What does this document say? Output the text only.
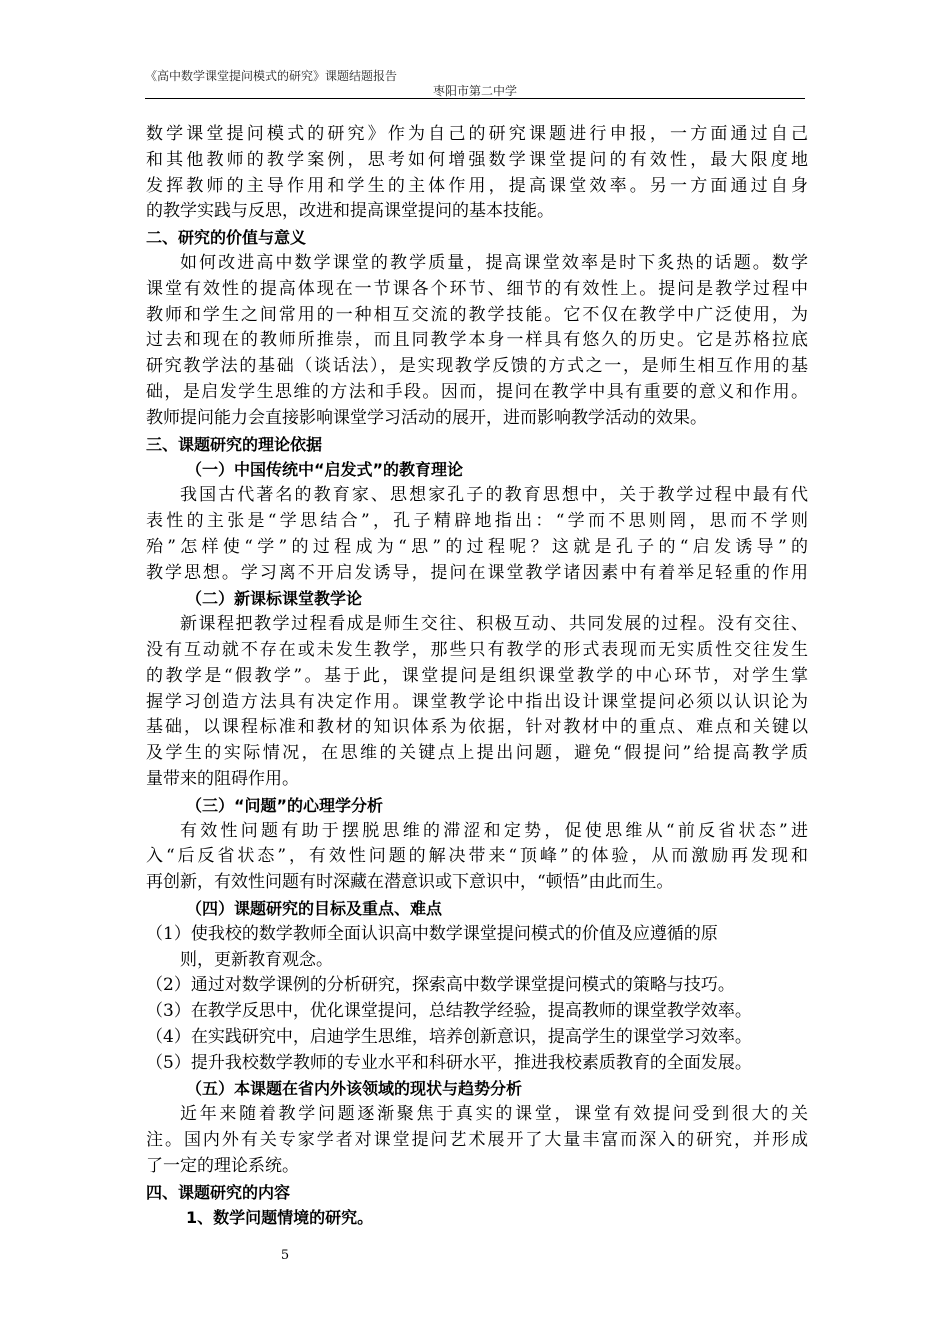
《高中数学课堂提问模式的研究》课题结题报告
枣阳市第二中学
数学课堂提问模式的研究》作为自己的研究课题进行申报，一方面通过自己
和其他教师的教学案例，思考如何增强数学课堂提问的有效性，最大限度地
发挥教师的主导作用和学生的主体作用，提高课堂效率。另一方面通过自身
的教学实践与反思，改进和提高课堂提问的基本技能。
二、研究的价值与意义
如何改进高中数学课堂的教学质量，提高课堂效率是时下炙热的话题。数学
课堂有效性的提高体现在一节课各个环节、细节的有效性上。提问是教学过程中
教师和学生之间常用的一种相互交流的教学技能。它不仅在教学中广泛使用，为
过去和现在的教师所推崇，而且同教学本身一样具有悠久的历史。它是苏格拉底
研究教学法的基础（谈话法），是实现教学反馈的方式之一，是师生相互作用的基
础，是启发学生思维的方法和手段。因而，提问在教学中具有重要的意义和作用。
教师提问能力会直接影响课堂学习活动的展开，进而影响教学活动的效果。
三、课题研究的理论依据
（一）中国传统中“启发式”的教育理论
我国古代著名的教育家、思想家孔子的教育思想中，关于教学过程中最有代
表性的主张是“学思结合”，孔子精辟地指出：“学而不思则罔，思而不学则
殆”怎样使“学”的过程成为“思”的过程呢？这就是孔子的“启发诱导”的
教学思想。学习离不开启发诱导，提问在课堂教学诸因素中有着举足轻重的作用
（二）新课标课堂教学论
新课程把教学过程看成是师生交往、积极互动、共同发展的过程。没有交往、
没有互动就不存在或未发生教学，那些只有教学的形式表现而无实质性交往发生
的教学是“假教学”。基于此，课堂提问是组织课堂教学的中心环节，对学生掌
握学习创造方法具有决定作用。课堂教学论中指出设计课堂提问必须以认识论为
基础，以课程标准和教材的知识体系为依据，针对教材中的重点、难点和关键以
及学生的实际情况，在思维的关键点上提出问题，避免“假提问”给提高教学质
量带来的阻碍作用。
（三）“问题”的心理学分析
有效性问题有助于摆脱思维的滞涩和定势，促使思维从“前反省状态”进
入“后反省状态”，有效性问题的解决带来“顶峰”的体验，从而激励再发现和
再创新，有效性问题有时深藏在潜意识或下意识中，“顿悟”由此而生。
（四）课题研究的目标及重点、难点
（1）使我校的数学教师全面认识高中数学课堂提问模式的价值及应遵循的原
则，更新教育观念。
（2）通过对数学课例的分析研究，探索高中数学课堂提问模式的策略与技巧。
（3）在教学反思中，优化课堂提问，总结教学经验，提高教师的课堂教学效率。
（4）在实践研究中，启迪学生思维，培养创新意识，提高学生的课堂学习效率。
（5）提升我校数学教师的专业水平和科研水平，推进我校素质教育的全面发展。
（五）本课题在省内外该领域的现状与趋势分析
近年来随着教学问题逐渐聚焦于真实的课堂，课堂有效提问受到很大的关
注。国内外有关专家学者对课堂提问艺术展开了大量丰富而深入的研究，并形成
了一定的理论系统。
四、课题研究的内容
1、数学问题情境的研究。
5
